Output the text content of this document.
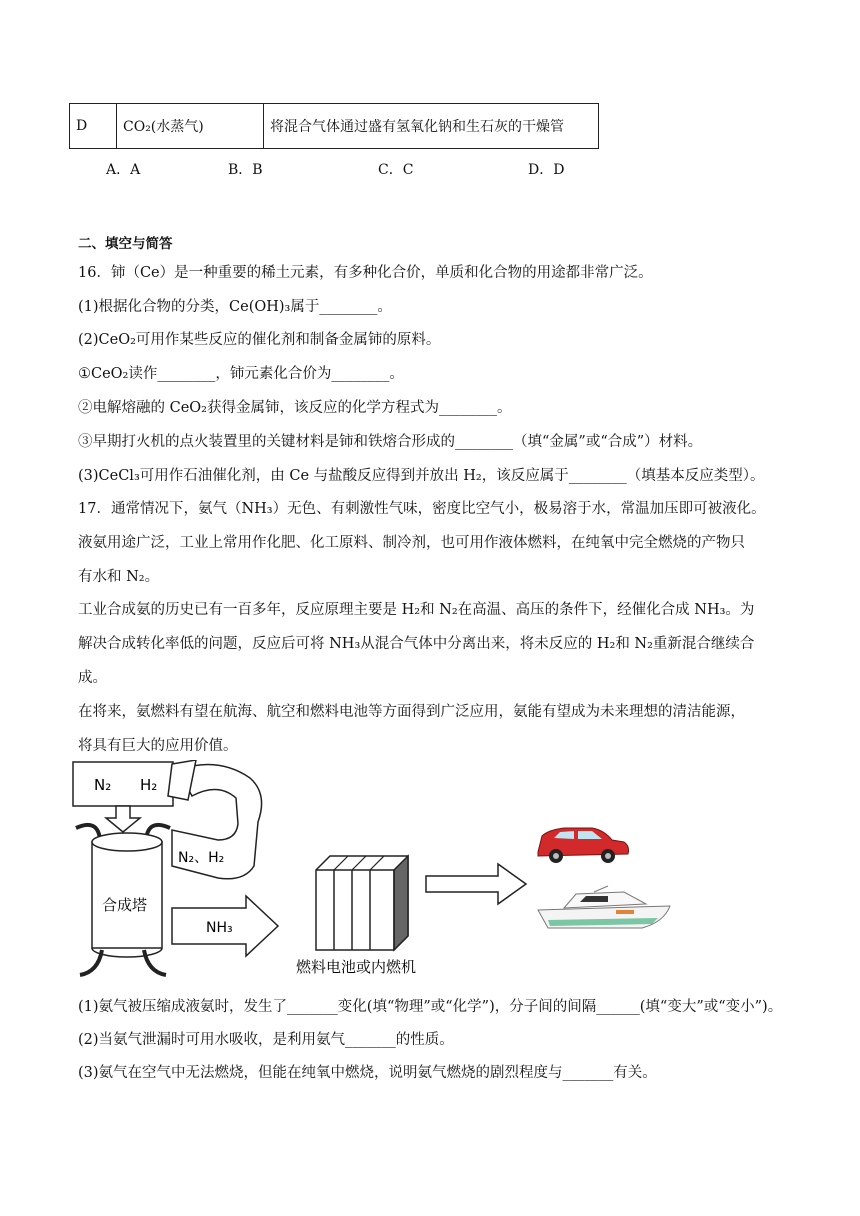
D	CO₂(水蒸气)	将混合气体通过盛有氢氧化钠和生石灰的干燥管
A．A	B．B	C．C	D．D
二、填空与简答
16．铈（Ce）是一种重要的稀土元素，有多种化合价，单质和化合物的用途都非常广泛。
(1)根据化合物的分类，Ce(OH)₃属于________。
(2)CeO₂可用作某些反应的催化剂和制备金属铈的原料。
①CeO₂读作________，铈元素化合价为________。
②电解熔融的 CeO₂获得金属铈，该反应的化学方程式为________。
③早期打火机的点火装置里的关键材料是铈和铁熔合形成的________（填“金属”或“合成”）材料。
(3)CeCl₃可用作石油催化剂，由 Ce 与盐酸反应得到并放出 H₂，该反应属于________（填基本反应类型）。
17．通常情况下，氨气（NH₃）无色、有刺激性气味，密度比空气小，极易溶于水，常温加压即可被液化。
液氨用途广泛，工业上常用作化肥、化工原料、制冷剂，也可用作液体燃料，在纯氧中完全燃烧的产物只
有水和 N₂。
工业合成氨的历史已有一百多年，反应原理主要是 H₂和 N₂在高温、高压的条件下，经催化合成 NH₃。为
解决合成转化率低的问题，反应后可将 NH₃从混合气体中分离出来，将未反应的 H₂和 N₂重新混合继续合
成。
在将来，氨燃料有望在航海、航空和燃料电池等方面得到广泛应用，氨能有望成为未来理想的清洁能源，
将具有巨大的应用价值。
N₂ H₂
合成塔
N₂、H₂
NH₃
燃料电池或内燃机
(1)氨气被压缩成液氨时，发生了_______变化(填“物理”或“化学”)，分子间的间隔______(填“变大”或“变小”)。
(2)当氨气泄漏时可用水吸收，是利用氨气_______的性质。
(3)氨气在空气中无法燃烧，但能在纯氧中燃烧，说明氨气燃烧的剧烈程度与_______有关。
